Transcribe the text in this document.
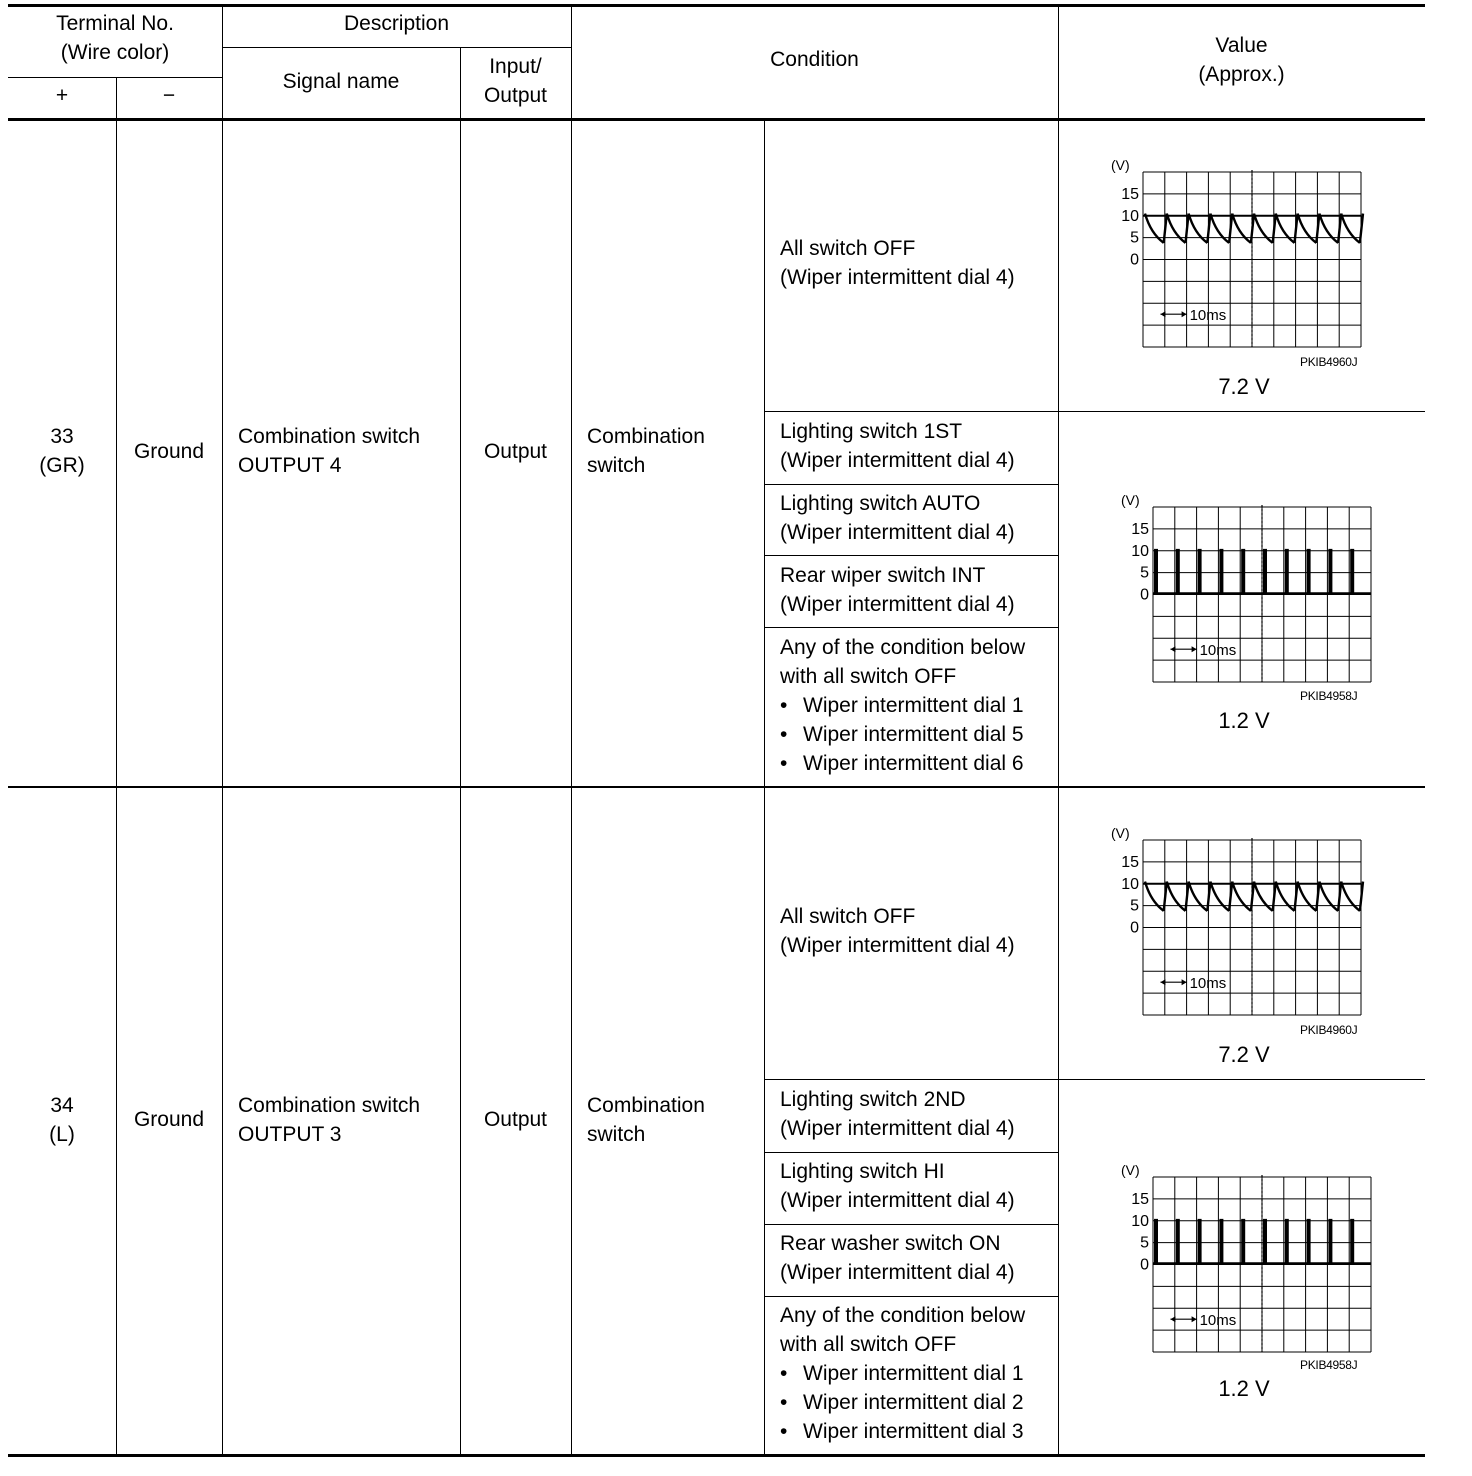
Terminal No.
(Wire color)
+	−
Description
Signal name
Input/
Output
Condition
Value
(Approx.)
33
(GR)
Ground
Combination switch
OUTPUT 4
Output
Combination
switch
All switch OFF
(Wiper intermittent dial 4)
Lighting switch 1ST
(Wiper intermittent dial 4)
Lighting switch AUTO
(Wiper intermittent dial 4)
Rear wiper switch INT
(Wiper intermittent dial 4)
Any of the condition below
with all switch OFF
• Wiper intermittent dial 1
• Wiper intermittent dial 5
• Wiper intermittent dial 6
34
(L)
Ground
Combination switch
OUTPUT 3
Output
Combination
switch
All switch OFF
(Wiper intermittent dial 4)
Lighting switch 2ND
(Wiper intermittent dial 4)
Lighting switch HI
(Wiper intermittent dial 4)
Rear washer switch ON
(Wiper intermittent dial 4)
Any of the condition below
with all switch OFF
• Wiper intermittent dial 1
• Wiper intermittent dial 2
• Wiper intermittent dial 3
(V)
15
10
5
0
10ms
PKIB4960J
7.2 V
(V)
15
10
5
0
10ms
PKIB4958J
1.2 V
(V)
15
10
5
0
10ms
PKIB4960J
7.2 V
(V)
15
10
5
0
10ms
PKIB4958J
1.2 V
